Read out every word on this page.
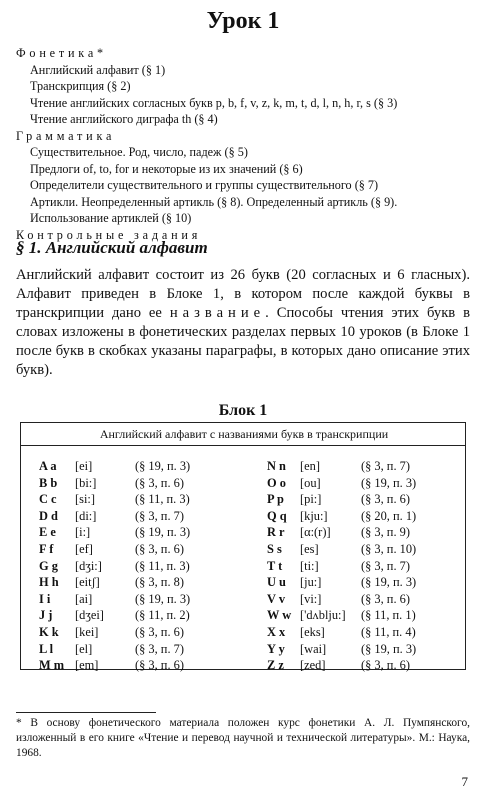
Урок 1
Фонетика*
Английский алфавит (§ 1)
Транскрипция (§ 2)
Чтение английских согласных букв p, b, f, v, z, k, m, t, d, l, n, h, r, s (§ 3)
Чтение английского диграфа th (§ 4)
Грамматика
Существительное. Род, число, падеж (§ 5)
Предлоги of, to, for и некоторые из их значений (§ 6)
Определители существительного и группы существительного (§ 7)
Артикли. Неопределенный артикль (§ 8). Определенный артикль (§ 9).
Использование артиклей (§ 10)
Контрольные задания
§ 1. Английский алфавит
Английский алфавит состоит из 26 букв (20 согласных и 6 гласных). Алфавит приведен в Блоке 1, в котором после каждой буквы в транскрипции дано ее название. Способы чтения этих букв в словах изложены в фонетических разделах первых 10 уроков (в Блоке 1 после букв в скобках указаны параграфы, в которых дано описание этих букв).
Блок 1
Английский алфавит с названиями букв в транскрипции
A a [ei]	(§ 19, п. 3)
B b [bi:]	(§ 3, п. 6)
C c [si:]	(§ 11, п. 3)
D d [di:]	(§ 3, п. 7)
E e [i:]	(§ 19, п. 3)
F f [ef]	(§ 3, п. 6)
G g [dʒi:]	(§ 11, п. 3)
H h [eitʃ]	(§ 3, п. 8)
I i [ai]	(§ 19, п. 3)
J j [dʒei]	(§ 11, п. 2)
K k [kei]	(§ 3, п. 6)
L l [el]	(§ 3, п. 7)
M m [em]	(§ 3, п. 6)
N n [en]	(§ 3, п. 7)
O o [ou]	(§ 19, п. 3)
P p [pi:]	(§ 3, п. 6)
Q q [kju:]	(§ 20, п. 1)
R r [α:(r)] (§ 3, п. 9)
S s [es]	(§ 3, п. 10)
T t [ti:]	(§ 3, п. 7)
U u [ju:]	(§ 19, п. 3)
V v [vi:]	(§ 3, п. 6)
W w ['dʌblju:] (§ 11, п. 1)
X x [eks]	(§ 11, п. 4)
Y y [wai]	(§ 19, п. 3)
Z z [zed]	(§ 3, п. 6)
* В основу фонетического материала положен курс фонетики А. Л. Пумпянского, изложенный в его книге «Чтение и перевод научной и технической литературы». М.: Наука, 1968.
7
